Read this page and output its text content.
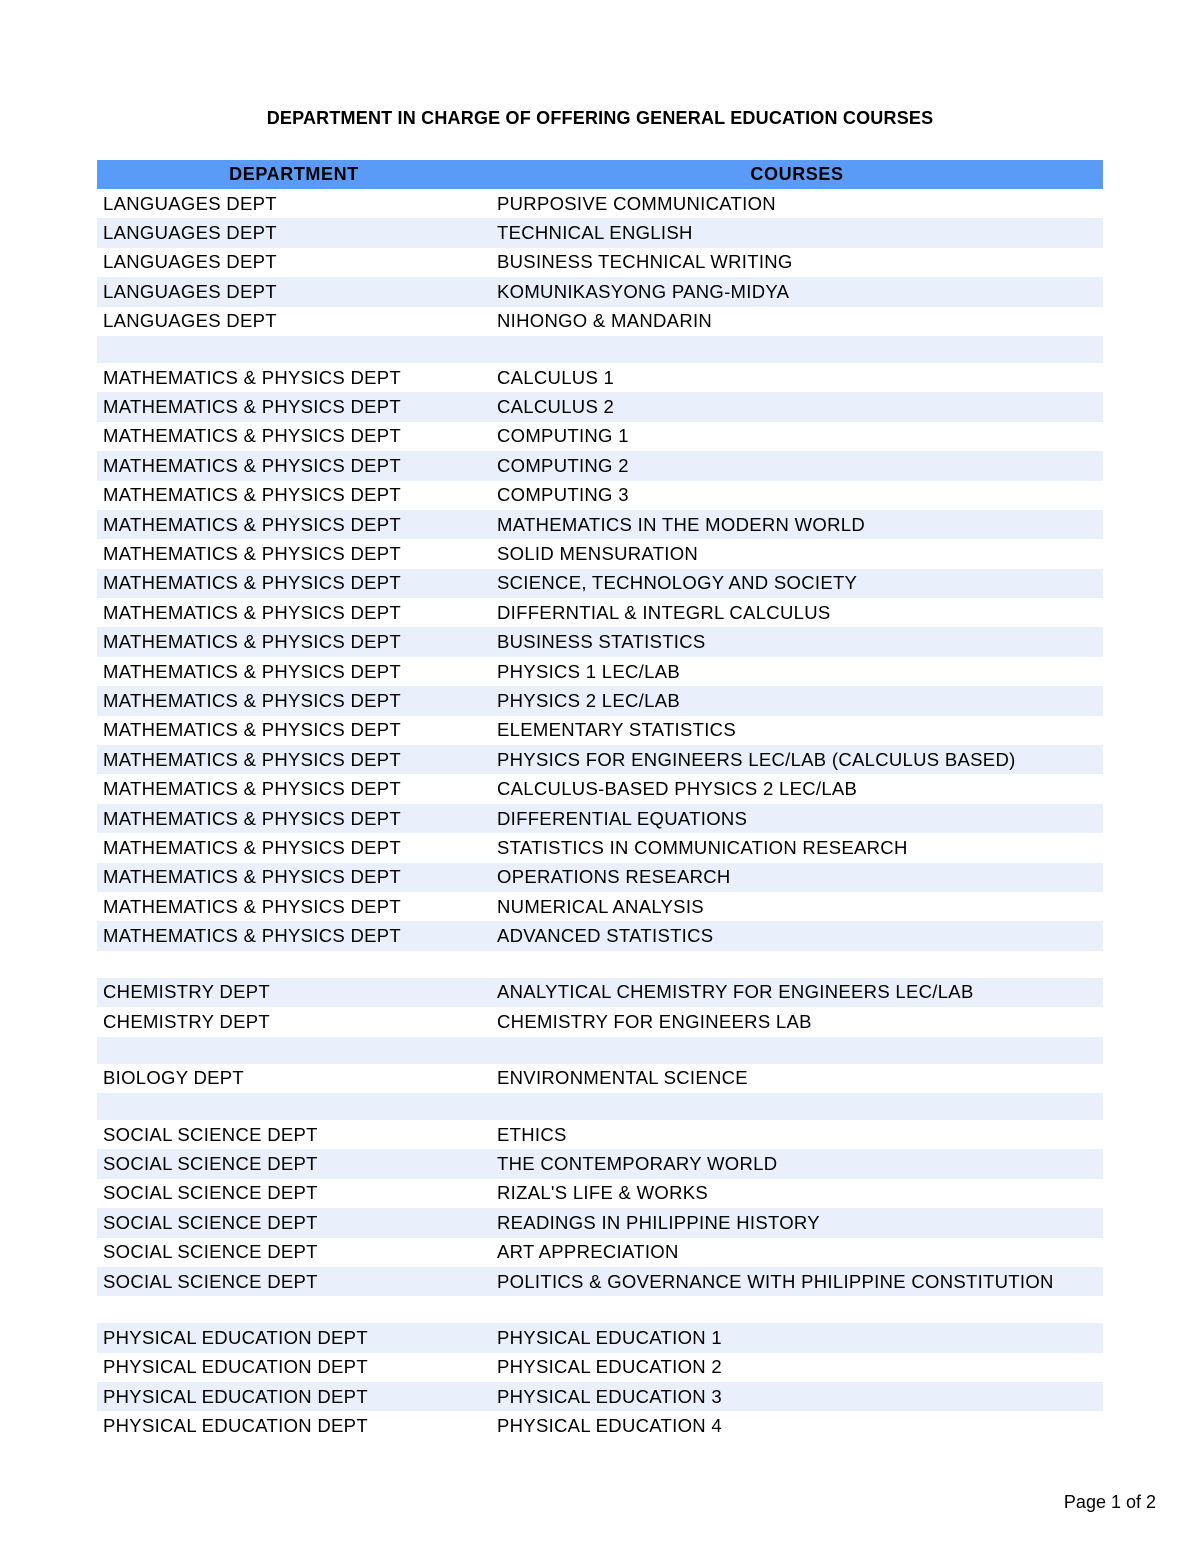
DEPARTMENT IN CHARGE OF OFFERING GENERAL EDUCATION COURSES
DEPARTMENT	COURSES
LANGUAGES DEPT	PURPOSIVE COMMUNICATION
LANGUAGES DEPT	TECHNICAL ENGLISH
LANGUAGES DEPT	BUSINESS TECHNICAL WRITING
LANGUAGES DEPT	KOMUNIKASYONG PANG-MIDYA
LANGUAGES DEPT	NIHONGO & MANDARIN
MATHEMATICS & PHYSICS DEPT	CALCULUS 1
MATHEMATICS & PHYSICS DEPT	CALCULUS 2
MATHEMATICS & PHYSICS DEPT	COMPUTING 1
MATHEMATICS & PHYSICS DEPT	COMPUTING 2
MATHEMATICS & PHYSICS DEPT	COMPUTING 3
MATHEMATICS & PHYSICS DEPT	MATHEMATICS IN THE MODERN WORLD
MATHEMATICS & PHYSICS DEPT	SOLID MENSURATION
MATHEMATICS & PHYSICS DEPT	SCIENCE, TECHNOLOGY AND SOCIETY
MATHEMATICS & PHYSICS DEPT	DIFFERNTIAL & INTEGRL CALCULUS
MATHEMATICS & PHYSICS DEPT	BUSINESS STATISTICS
MATHEMATICS & PHYSICS DEPT	PHYSICS 1 LEC/LAB
MATHEMATICS & PHYSICS DEPT	PHYSICS 2 LEC/LAB
MATHEMATICS & PHYSICS DEPT	ELEMENTARY STATISTICS
MATHEMATICS & PHYSICS DEPT	PHYSICS FOR ENGINEERS LEC/LAB (CALCULUS BASED)
MATHEMATICS & PHYSICS DEPT	CALCULUS-BASED PHYSICS 2 LEC/LAB
MATHEMATICS & PHYSICS DEPT	DIFFERENTIAL EQUATIONS
MATHEMATICS & PHYSICS DEPT	STATISTICS IN COMMUNICATION RESEARCH
MATHEMATICS & PHYSICS DEPT	OPERATIONS RESEARCH
MATHEMATICS & PHYSICS DEPT	NUMERICAL ANALYSIS
MATHEMATICS & PHYSICS DEPT	ADVANCED STATISTICS
CHEMISTRY DEPT	ANALYTICAL CHEMISTRY FOR ENGINEERS LEC/LAB
CHEMISTRY DEPT	CHEMISTRY FOR ENGINEERS LAB
BIOLOGY DEPT	ENVIRONMENTAL SCIENCE
SOCIAL SCIENCE DEPT	ETHICS
SOCIAL SCIENCE DEPT	THE CONTEMPORARY WORLD
SOCIAL SCIENCE DEPT	RIZAL'S LIFE & WORKS
SOCIAL SCIENCE DEPT	READINGS IN PHILIPPINE HISTORY
SOCIAL SCIENCE DEPT	ART APPRECIATION
SOCIAL SCIENCE DEPT	POLITICS & GOVERNANCE WITH PHILIPPINE CONSTITUTION
PHYSICAL EDUCATION DEPT	PHYSICAL EDUCATION 1
PHYSICAL EDUCATION DEPT	PHYSICAL EDUCATION 2
PHYSICAL EDUCATION DEPT	PHYSICAL EDUCATION 3
PHYSICAL EDUCATION DEPT	PHYSICAL EDUCATION 4
Page 1 of 2
